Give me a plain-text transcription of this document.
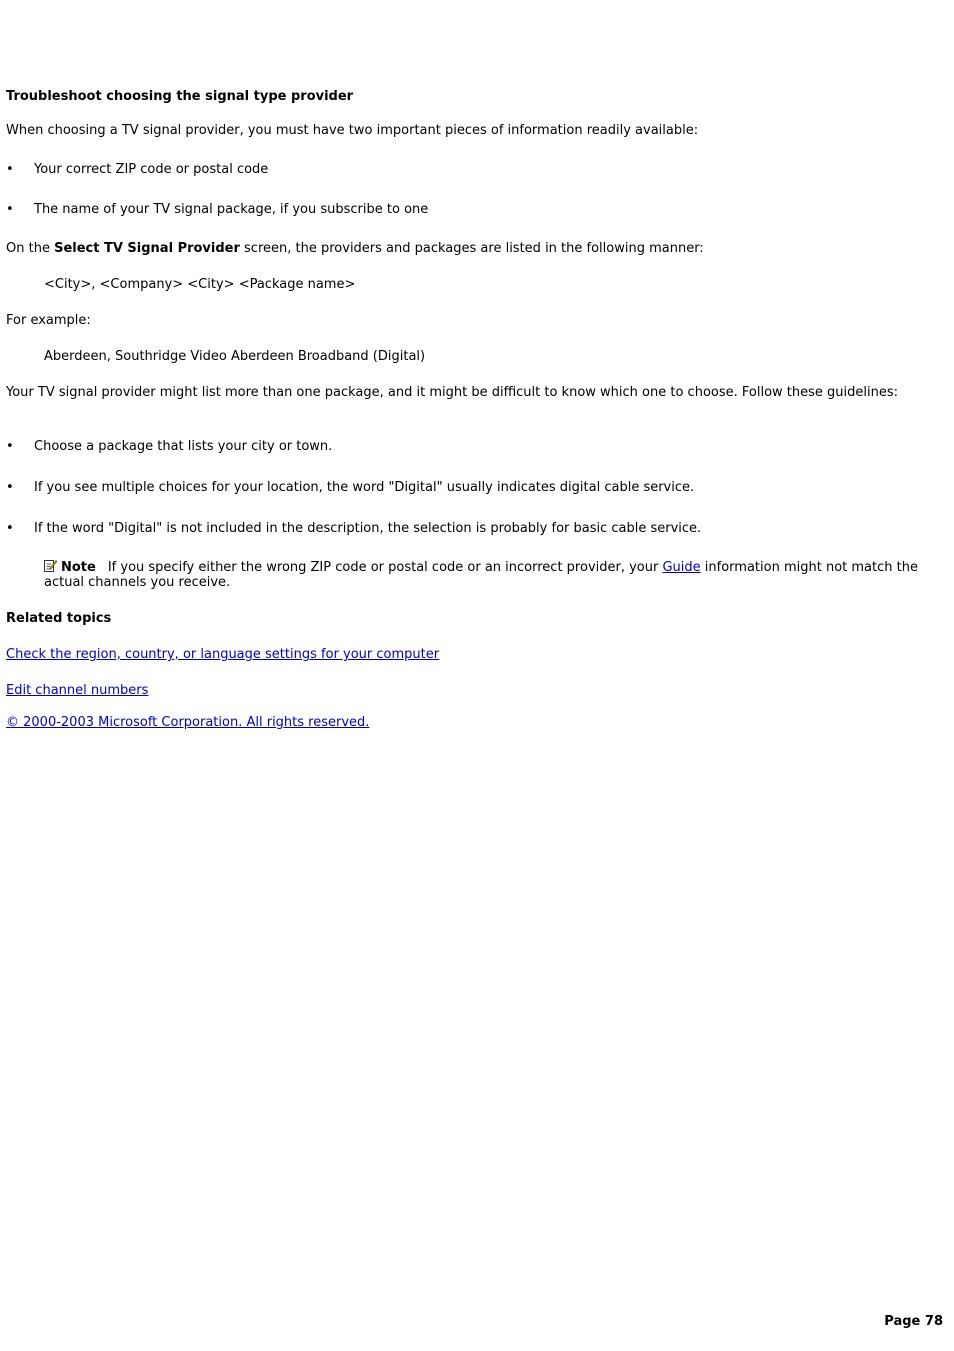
Troubleshoot choosing the signal type provider
When choosing a TV signal provider, you must have two important pieces of information readily available:
•	Your correct ZIP code or postal code
•	The name of your TV signal package, if you subscribe to one
On the Select TV Signal Provider screen, the providers and packages are listed in the following manner:
<City>, <Company> <City> <Package name>
For example:
Aberdeen, Southridge Video Aberdeen Broadband (Digital)
Your TV signal provider might list more than one package, and it might be difficult to know which one to choose. Follow these guidelines:
•	Choose a package that lists your city or town.
•	If you see multiple choices for your location, the word "Digital" usually indicates digital cable service.
•	If the word "Digital" is not included in the description, the selection is probably for basic cable service.
Note If you specify either the wrong ZIP code or postal code or an incorrect provider, your Guide information might not match the actual channels you receive.
Related topics
Check the region, country, or language settings for your computer
Edit channel numbers
© 2000-2003 Microsoft Corporation. All rights reserved.
Page 78
